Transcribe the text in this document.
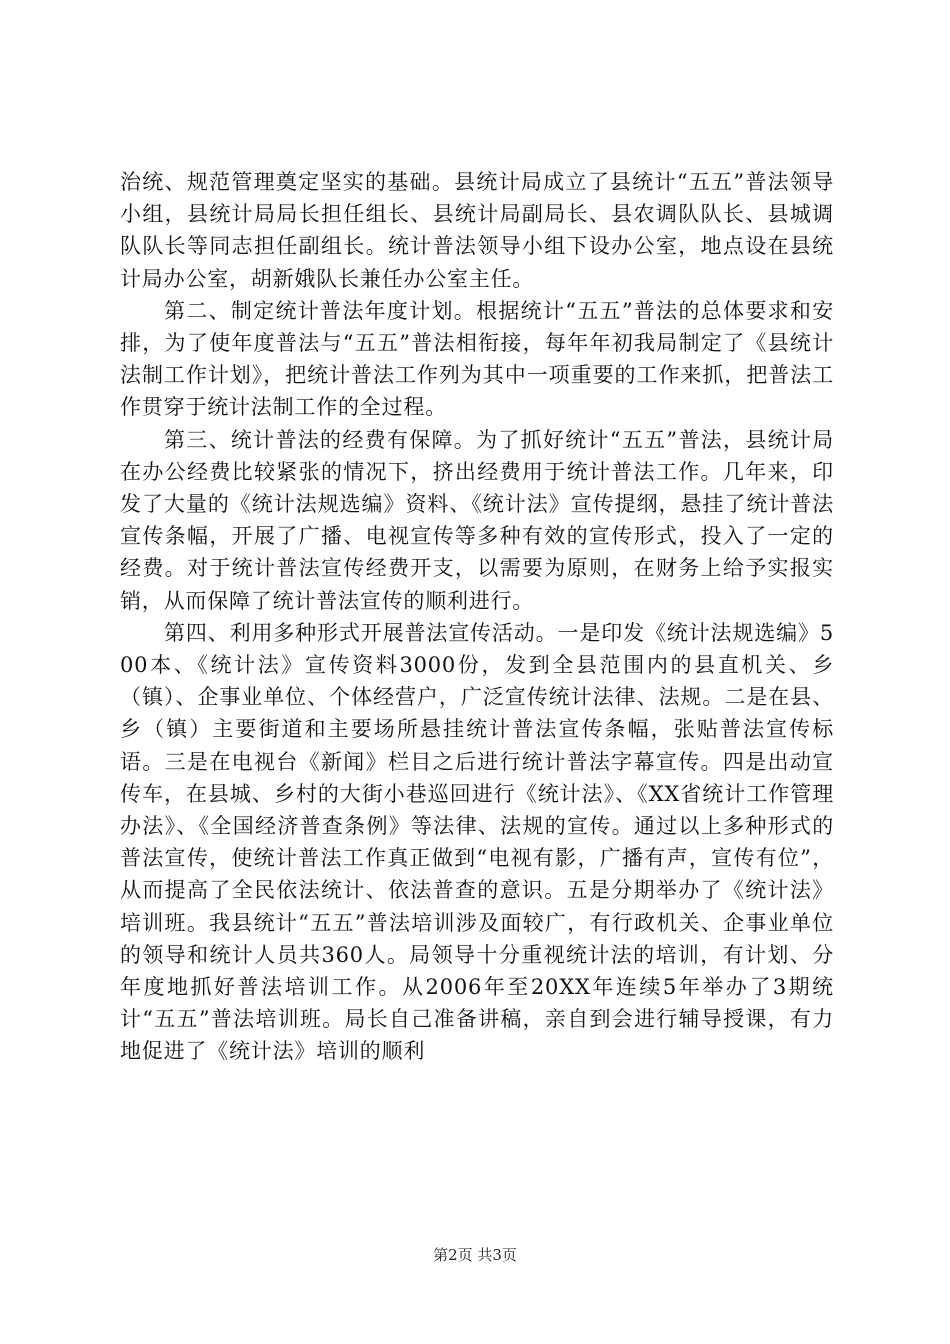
治统、规范管理奠定坚实的基础。县统计局成立了县统计“五五”普法领导小组，县统计局局长担任组长、县统计局副局长、县农调队队长、县城调队队长等同志担任副组长。统计普法领导小组下设办公室，地点设在县统计局办公室，胡新娥队长兼任办公室主任。

第二、制定统计普法年度计划。根据统计“五五”普法的总体要求和安排，为了使年度普法与“五五”普法相衔接，每年年初我局制定了《县统计法制工作计划》，把统计普法工作列为其中一项重要的工作来抓，把普法工作贯穿于统计法制工作的全过程。

第三、统计普法的经费有保障。为了抓好统计“五五”普法，县统计局在办公经费比较紧张的情况下，挤出经费用于统计普法工作。几年来，印发了大量的《统计法规选编》资料、《统计法》宣传提纲，悬挂了统计普法宣传条幅，开展了广播、电视宣传等多种有效的宣传形式，投入了一定的经费。对于统计普法宣传经费开支，以需要为原则，在财务上给予实报实销，从而保障了统计普法宣传的顺利进行。

第四、利用多种形式开展普法宣传活动。一是印发《统计法规选编》500本、《统计法》宣传资料3000份，发到全县范围内的县直机关、乡（镇）、企事业单位、个体经营户，广泛宣传统计法律、法规。二是在县、乡（镇）主要街道和主要场所悬挂统计普法宣传条幅，张贴普法宣传标语。三是在电视台《新闻》栏目之后进行统计普法字幕宣传。四是出动宣传车，在县城、乡村的大街小巷巡回进行《统计法》、《XX省统计工作管理办法》、《全国经济普查条例》等法律、法规的宣传。通过以上多种形式的普法宣传，使统计普法工作真正做到“电视有影，广播有声，宣传有位”，从而提高了全民依法统计、依法普查的意识。五是分期举办了《统计法》培训班。我县统计“五五”普法培训涉及面较广，有行政机关、企事业单位的领导和统计人员共360人。局领导十分重视统计法的培训，有计划、分年度地抓好普法培训工作。从2006年至20XX年连续5年举办了3期统计“五五”普法培训班。局长自己准备讲稿，亲自到会进行辅导授课，有力地促进了《统计法》培训的顺利

第2页 共3页
